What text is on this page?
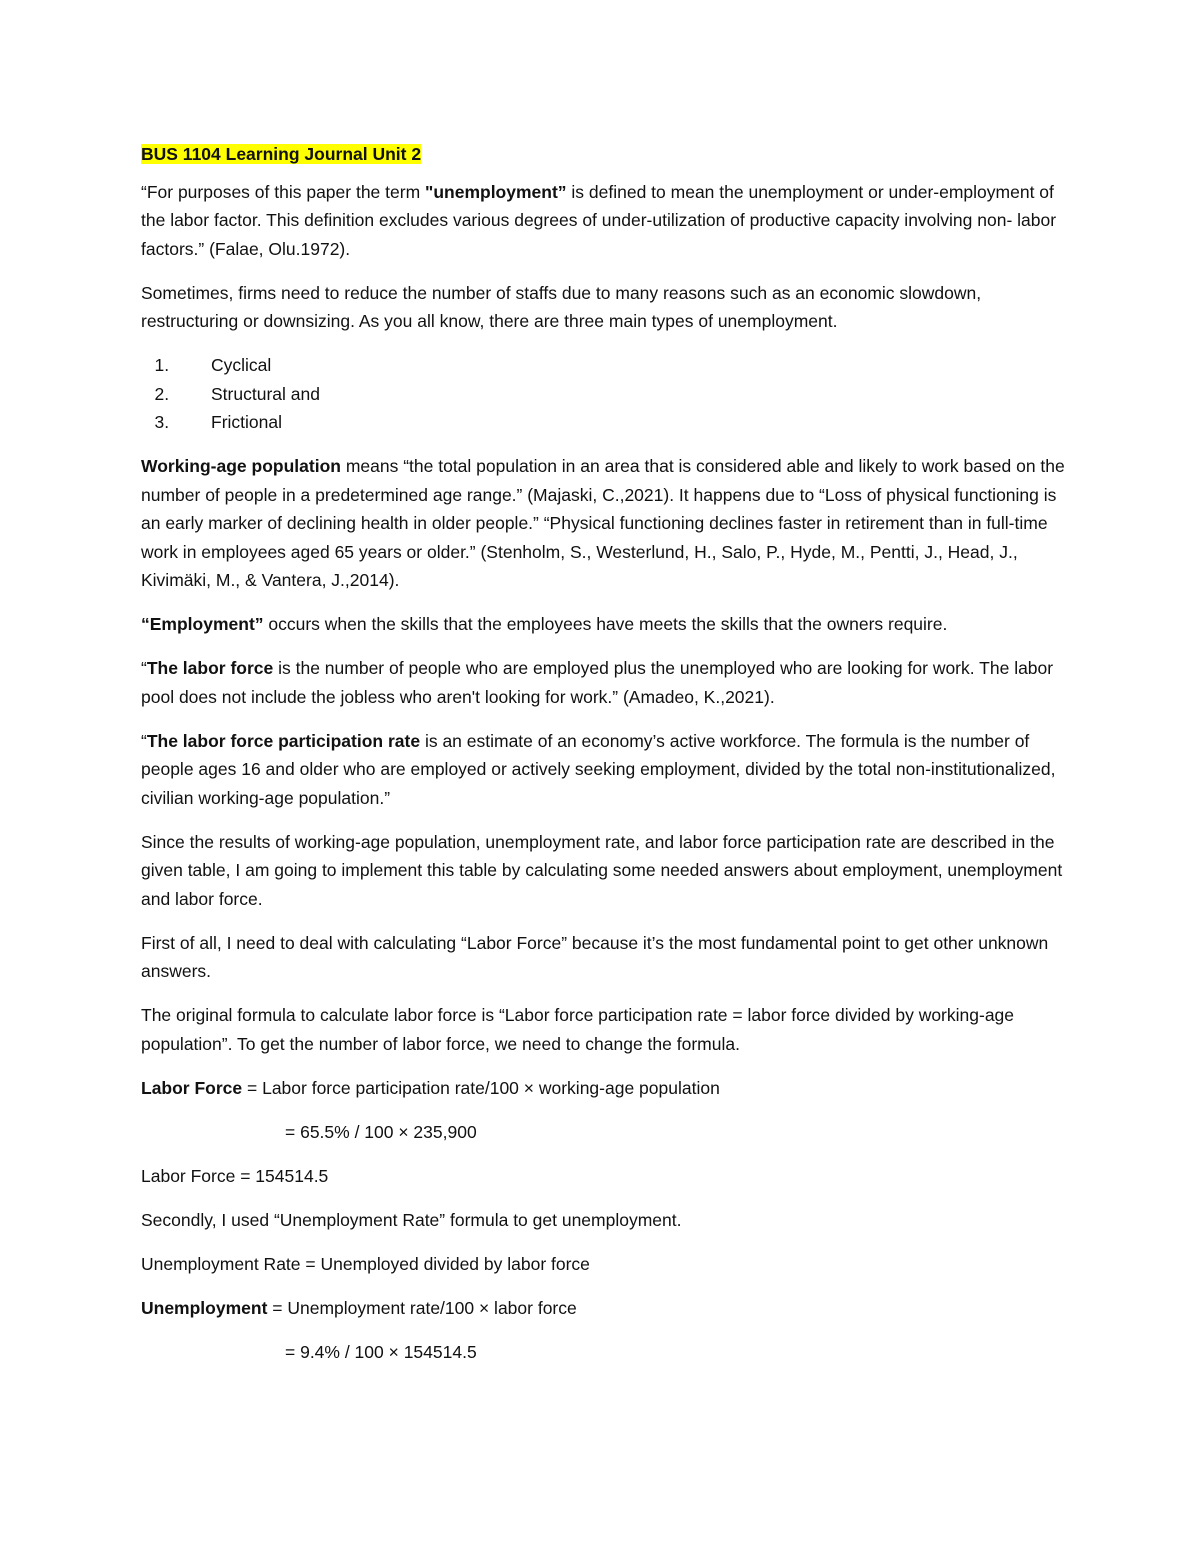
BUS 1104 Learning Journal Unit 2

“For purposes of this paper the term "unemployment” is defined to mean the unemployment or under-employment of the labor factor. This definition excludes various degrees of under-utilization of productive capacity involving non- labor factors.” (Falae, Olu.1972).

Sometimes, firms need to reduce the number of staffs due to many reasons such as an economic slowdown, restructuring or downsizing. As you all know, there are three main types of unemployment.

1. Cyclical
2. Structural and
3. Frictional

Working-age population means “the total population in an area that is considered able and likely to work based on the number of people in a predetermined age range.” (Majaski, C.,2021). It happens due to “Loss of physical functioning is an early marker of declining health in older people.” “Physical functioning declines faster in retirement than in full-time work in employees aged 65 years or older.” (Stenholm, S., Westerlund, H., Salo, P., Hyde, M., Pentti, J., Head, J., Kivimäki, M., & Vantera, J.,2014).

“Employment” occurs when the skills that the employees have meets the skills that the owners require.

“The labor force is the number of people who are employed plus the unemployed who are looking for work. The labor pool does not include the jobless who aren't looking for work.” (Amadeo, K.,2021).

“The labor force participation rate is an estimate of an economy’s active workforce. The formula is the number of people ages 16 and older who are employed or actively seeking employment, divided by the total non-institutionalized, civilian working-age population.”

Since the results of working-age population, unemployment rate, and labor force participation rate are described in the given table, I am going to implement this table by calculating some needed answers about employment, unemployment and labor force.

First of all, I need to deal with calculating “Labor Force” because it’s the most fundamental point to get other unknown answers.

The original formula to calculate labor force is “Labor force participation rate = labor force divided by working-age population”. To get the number of labor force, we need to change the formula.

Labor Force = Labor force participation rate/100 × working-age population

= 65.5% / 100 × 235,900

Labor Force = 154514.5

Secondly, I used “Unemployment Rate” formula to get unemployment.

Unemployment Rate = Unemployed divided by labor force

Unemployment = Unemployment rate/100 × labor force

= 9.4% / 100 × 154514.5
